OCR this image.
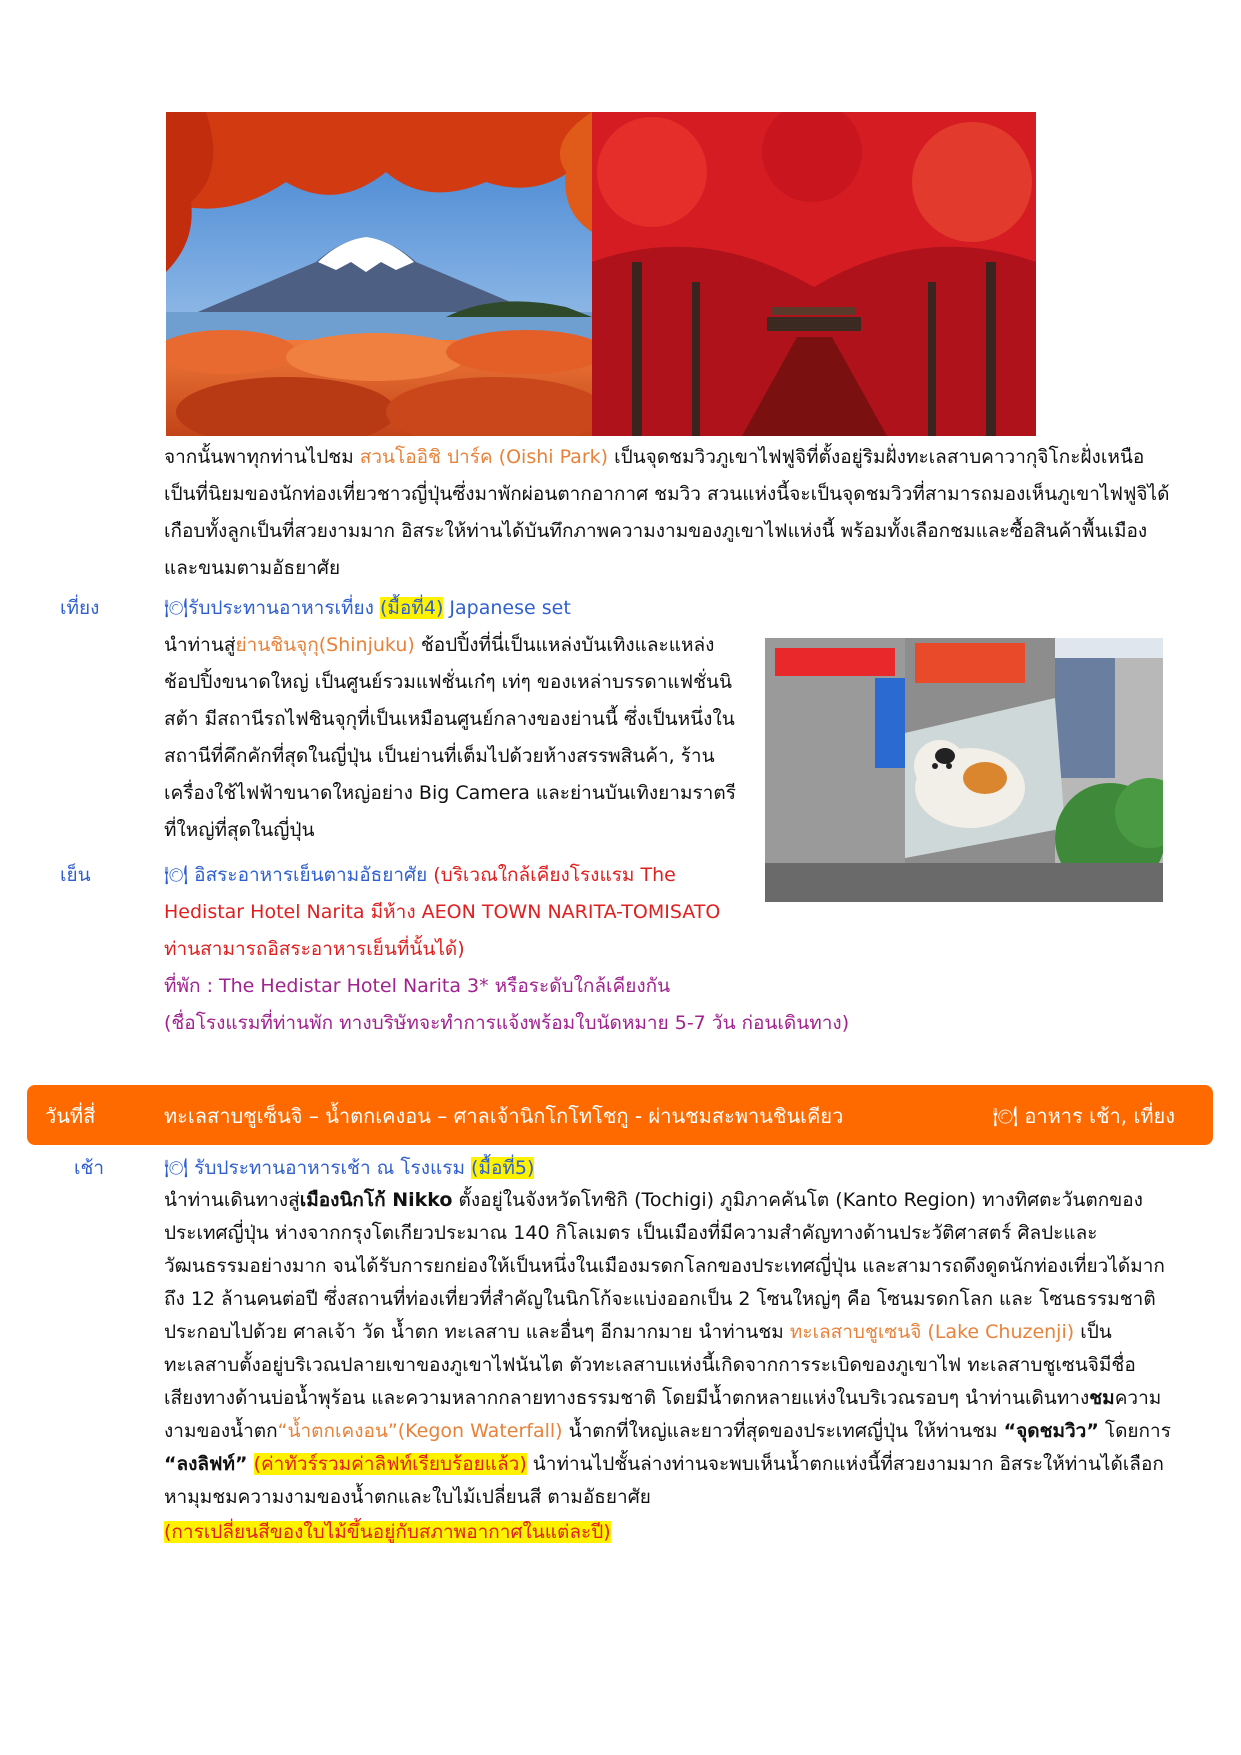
จากนั้นพาทุกท่านไปชม สวนโออิชิ ปาร์ค (Oishi Park) เป็นจุดชมวิวภูเขาไฟฟูจิที่ตั้งอยู่ริมฝั่งทะเลสาบคาวากุจิโกะฝั่งเหนือ เป็นที่นิยมของนักท่องเที่ยวชาวญี่ปุ่นซึ่งมาพักผ่อนตากอากาศ ชมวิว สวนแห่งนี้จะเป็นจุดชมวิวที่สามารถมองเห็นภูเขาไฟฟูจิได้เกือบทั้งลูกเป็นที่สวยงามมาก อิสระให้ท่านได้บันทึกภาพความงามของภูเขาไฟแห่งนี้ พร้อมทั้งเลือกชมและซื้อสินค้าพื้นเมืองและขนมตามอัธยาศัย
เที่ยง	🍽รับประทานอาหารเที่ยง (มื้อที่4) Japanese set
นำท่านสู่ย่านชินจุกุ(Shinjuku) ช้อปปิ้งที่นี่เป็นแหล่งบันเทิงและแหล่งช้อปปิ้งขนาดใหญ่ เป็นศูนย์รวมแฟชั่นเก๋ๆ เท่ๆ ของเหล่าบรรดาแฟชั่นนิสต้า มีสถานีรถไฟชินจุกุที่เป็นเหมือนศูนย์กลางของย่านนี้ ซึ่งเป็นหนึ่งในสถานีที่คึกคักที่สุดในญี่ปุ่น เป็นย่านที่เต็มไปด้วยห้างสรรพสินค้า, ร้านเครื่องใช้ไฟฟ้าขนาดใหญ่อย่าง Big Camera และย่านบันเทิงยามราตรีที่ใหญ่ที่สุดในญี่ปุ่น
เย็น	🍽 อิสระอาหารเย็นตามอัธยาศัย (บริเวณใกล้เคียงโรงแรม The Hedistar Hotel Narita มีห้าง AEON TOWN NARITA-TOMISATO ท่านสามารถอิสระอาหารเย็นที่นั้นได้)
ที่พัก : The Hedistar Hotel Narita 3* หรือระดับใกล้เคียงกัน
(ชื่อโรงแรมที่ท่านพัก ทางบริษัทจะทำการแจ้งพร้อมใบนัดหมาย 5-7 วัน ก่อนเดินทาง)
วันที่สี่	ทะเลสาบชูเซ็นจิ – น้ำตกเคงอน – ศาลเจ้านิกโกโทโชกู - ผ่านชมสะพานชินเคียว	🍽 อาหาร เช้า, เที่ยง
เช้า	🍽 รับประทานอาหารเช้า ณ โรงแรม (มื้อที่5)
นำท่านเดินทางสู่เมืองนิกโก้ Nikko ตั้งอยู่ในจังหวัดโทชิกิ (Tochigi) ภูมิภาคคันโต (Kanto Region) ทางทิศตะวันตกของ ประเทศญี่ปุ่น ห่างจากกรุงโตเกียวประมาณ 140 กิโลเมตร เป็นเมืองที่มีความสำคัญทางด้านประวัติศาสตร์ ศิลปะและวัฒนธรรมอย่างมาก จนได้รับการยกย่องให้เป็นหนึ่งในเมืองมรดกโลกของประเทศญี่ปุ่น และสามารถดึงดูดนักท่องเที่ยวได้มากถึง 12 ล้านคนต่อปี ซึ่งสถานที่ท่องเที่ยวที่สำคัญในนิกโก้จะแบ่งออกเป็น 2 โซนใหญ่ๆ คือ โซนมรดกโลก และ โซนธรรมชาติ ประกอบไปด้วย ศาลเจ้า วัด น้ำตก ทะเลสาบ และอื่นๆ อีกมากมาย นำท่านชม ทะเลสาบชูเซนจิ (Lake Chuzenji) เป็นทะเลสาบตั้งอยู่บริเวณปลายเขาของภูเขาไฟนันไต ตัวทะเลสาบแห่งนี้เกิดจากการระเบิดของภูเขาไฟ ทะเลสาบชูเซนจิมีชื่อเสียงทางด้านบ่อน้ำพุร้อน และความหลากกลายทางธรรมชาติ โดยมีน้ำตกหลายแห่งในบริเวณรอบๆ นำท่านเดินทางชมความงามของน้ำตก“น้ำตกเคงอน”(Kegon Waterfall) น้ำตกที่ใหญ่และยาวที่สุดของประเทศญี่ปุ่น ให้ท่านชม “จุดชมวิว” โดยการ “ลงลิฟท์” (ค่าทัวร์รวมค่าลิฟท์เรียบร้อยแล้ว) นำท่านไปชั้นล่างท่านจะพบเห็นน้ำตกแห่งนี้ที่สวยงามมาก อิสระให้ท่านได้เลือกหามุมชมความงามของน้ำตกและใบไม้เปลี่ยนสี ตามอัธยาศัย
(การเปลี่ยนสีของใบไม้ขึ้นอยู่กับสภาพอากาศในแต่ละปี)
